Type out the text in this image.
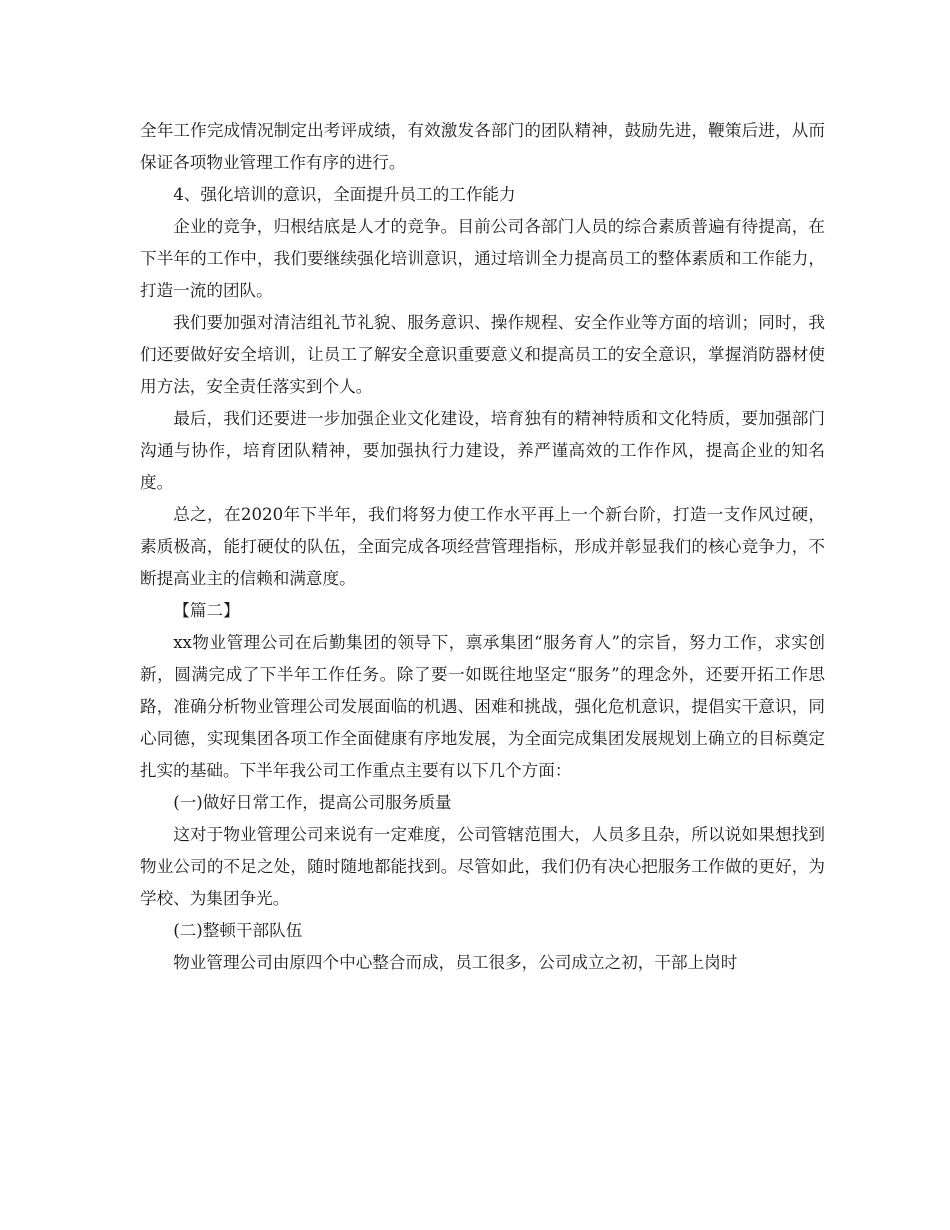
全年工作完成情况制定出考评成绩，有效激发各部门的团队精神，鼓励先进，鞭策后进，从而保证各项物业管理工作有序的进行。

4、强化培训的意识，全面提升员工的工作能力

企业的竞争，归根结底是人才的竞争。目前公司各部门人员的综合素质普遍有待提高，在下半年的工作中，我们要继续强化培训意识，通过培训全力提高员工的整体素质和工作能力，打造一流的团队。

我们要加强对清洁组礼节礼貌、服务意识、操作规程、安全作业等方面的培训；同时，我们还要做好安全培训，让员工了解安全意识重要意义和提高员工的安全意识，掌握消防器材使用方法，安全责任落实到个人。

最后，我们还要进一步加强企业文化建设，培育独有的精神特质和文化特质，要加强部门沟通与协作，培育团队精神，要加强执行力建设，养严谨高效的工作作风，提高企业的知名度。

总之，在2020年下半年，我们将努力使工作水平再上一个新台阶，打造一支作风过硬，素质极高，能打硬仗的队伍，全面完成各项经营管理指标，形成并彰显我们的核心竞争力，不断提高业主的信赖和满意度。

【篇二】

xx物业管理公司在后勤集团的领导下，禀承集团“服务育人”的宗旨，努力工作，求实创新，圆满完成了下半年工作任务。除了要一如既往地坚定“服务”的理念外，还要开拓工作思路，准确分析物业管理公司发展面临的机遇、困难和挑战，强化危机意识，提倡实干意识，同心同德，实现集团各项工作全面健康有序地发展，为全面完成集团发展规划上确立的目标奠定扎实的基础。下半年我公司工作重点主要有以下几个方面：

(一)做好日常工作，提高公司服务质量

这对于物业管理公司来说有一定难度，公司管辖范围大，人员多且杂，所以说如果想找到物业公司的不足之处，随时随地都能找到。尽管如此，我们仍有决心把服务工作做的更好，为学校、为集团争光。

(二)整顿干部队伍

物业管理公司由原四个中心整合而成，员工很多，公司成立之初，干部上岗时
